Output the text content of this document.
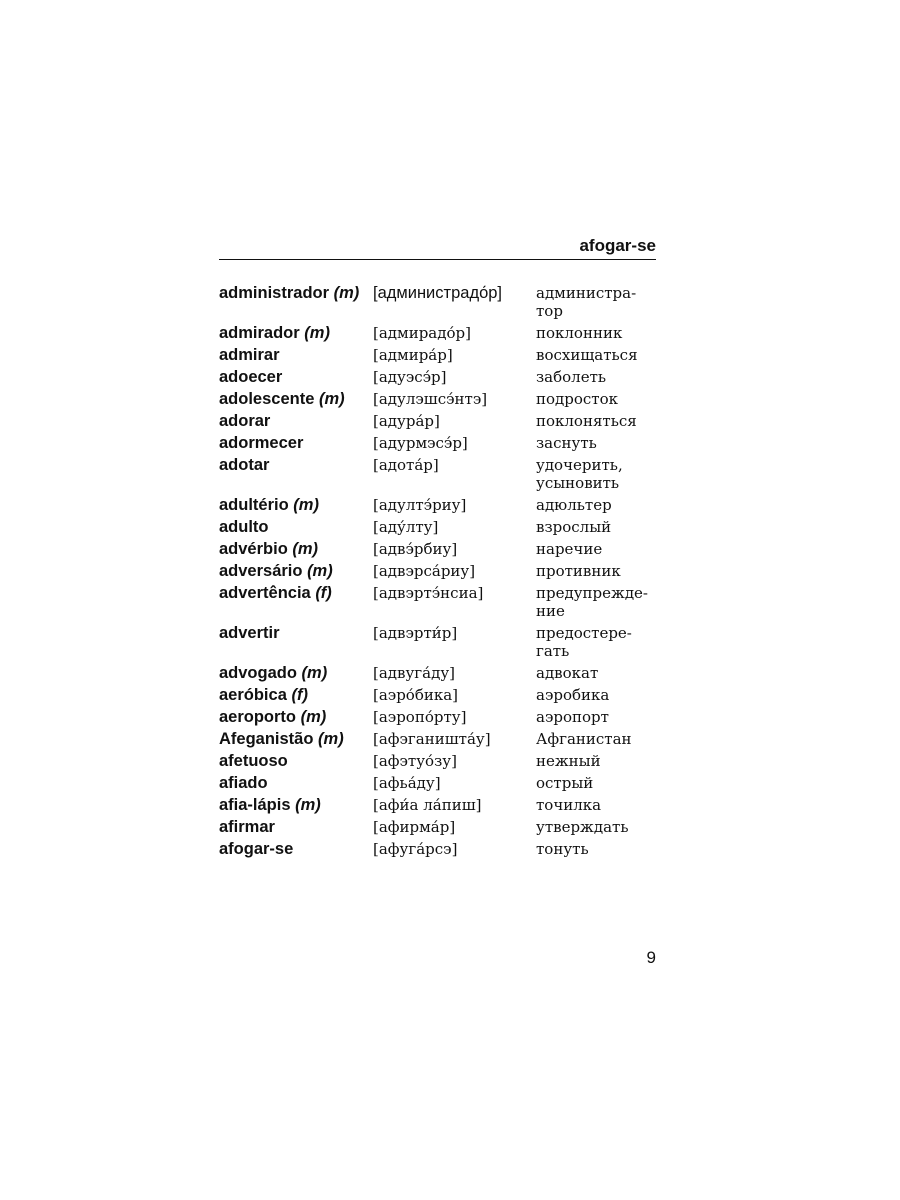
afogar-se
administrador (m) [администрадо́р]	администра-
тор
admirador (m)	[адмирадо́р]	поклонник
admirar	[адмира́р]	восхищаться
adoecer	[адуэсэ́р]	заболеть
adolescente (m)	[адулэшсэ́нтэ]	подросток
adorar	[адура́р]	поклоняться
adormecer	[адурмэсэ́р]	заснуть
adotar	[адота́р]	удочерить,
усыновить
adultério (m)	[адултэ́риу]	адюльтер
adulto	[аду́лту]	взрослый
advérbio (m)	[адвэ́рбиу]	наречие
adversário (m)	[адвэрса́риу]	противник
advertência (f)	[адвэртэ́нсиа]	предупрежде-
ние
advertir	[адвэрти́р]	предостере-
гать
advogado (m)	[адвуга́ду]	адвокат
aeróbica (f)	[аэро́бика]	аэробика
aeroporto (m)	[аэропо́рту]	аэропорт
Afeganistão (m)	[афэганишта́у]	Афганистан
afetuoso	[афэтуо́зу]	нежный
afiado	[афьа́ду]	острый
afia-lápis (m)	[афи́а ла́пиш]	точилка
afirmar	[афирма́р]	утверждать
afogar-se	[афуга́рсэ]	тонуть
9
